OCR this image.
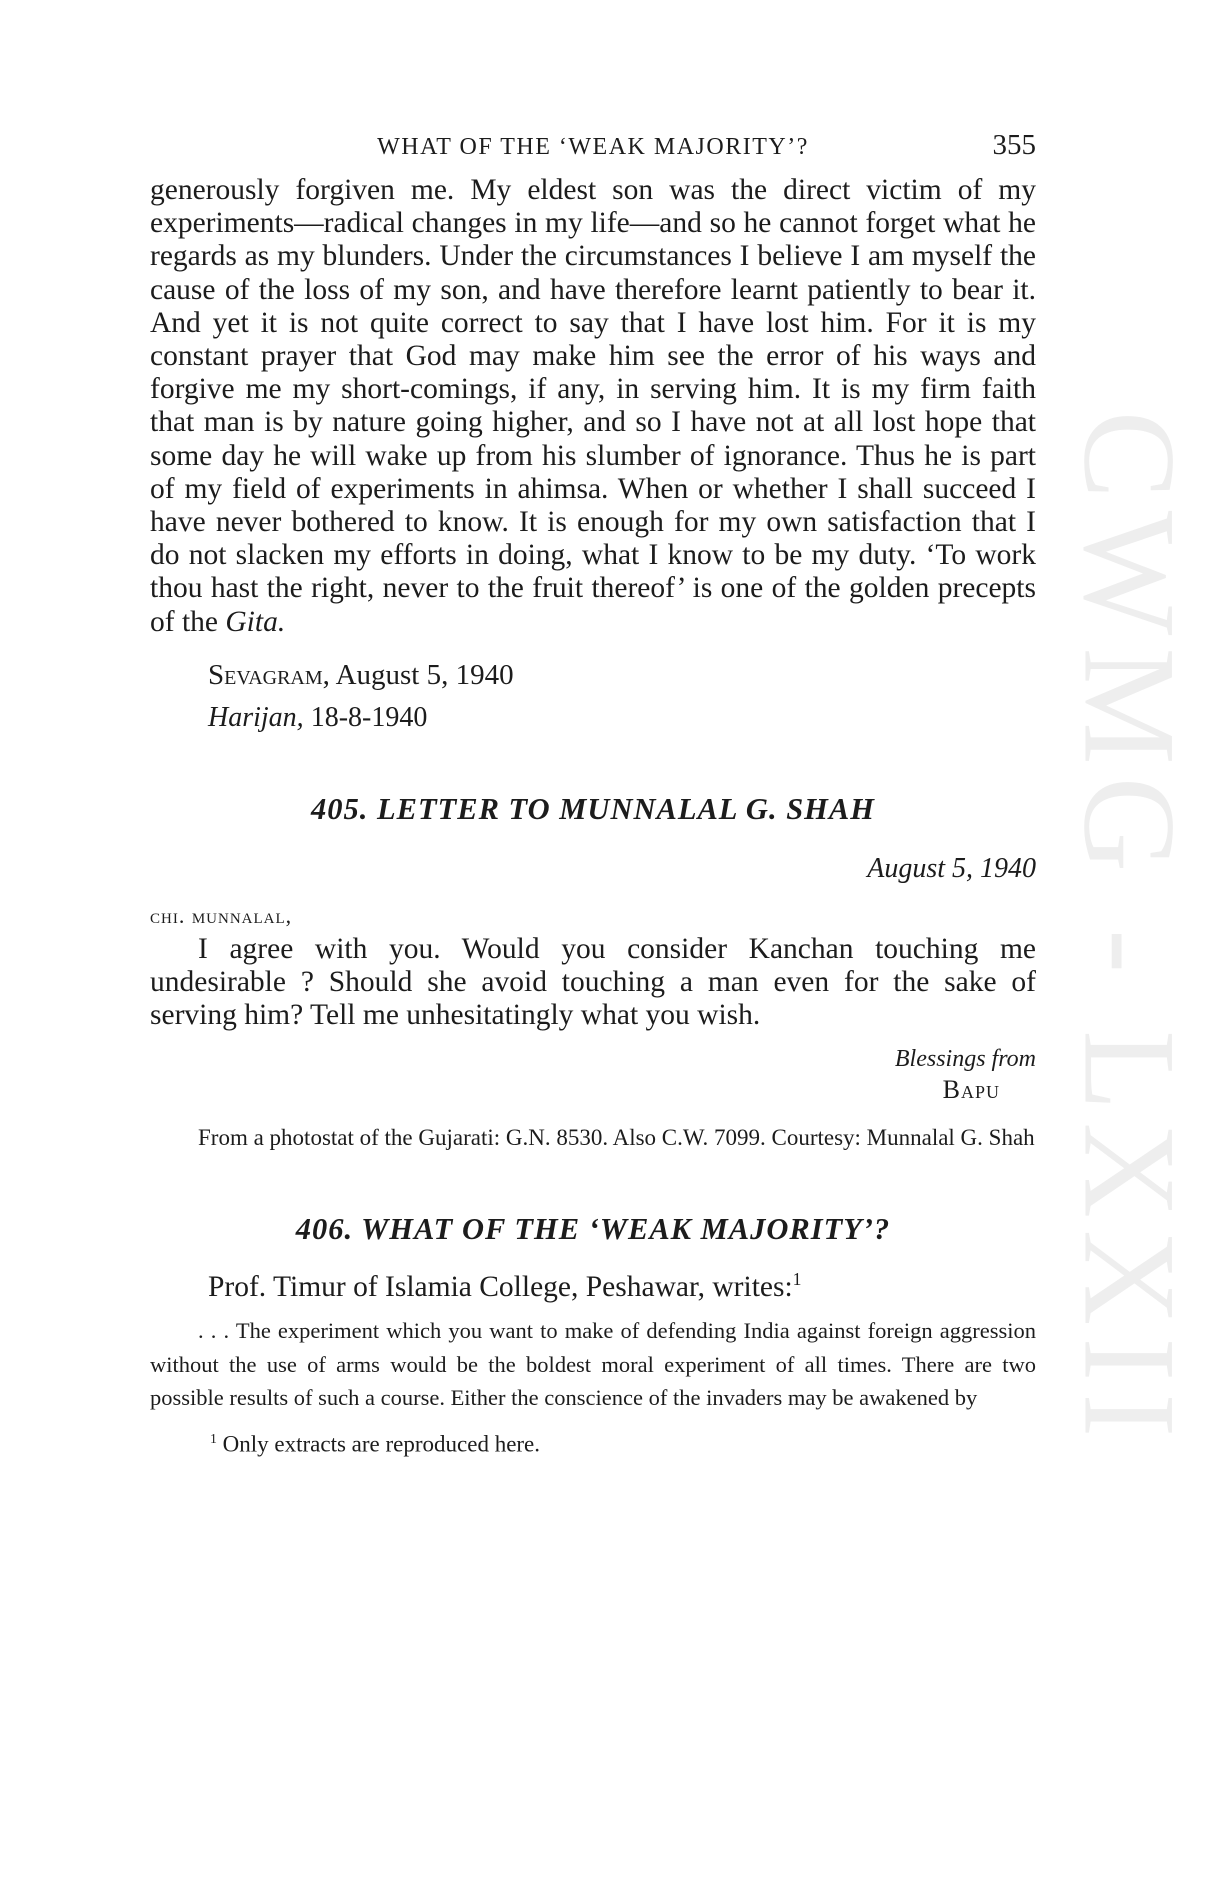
CWMG - LXXII
WHAT OF THE ‘WEAK MAJORITY’?	355

generously forgiven me. My eldest son was the direct victim of my experiments—radical changes in my life—and so he cannot forget what he regards as my blunders. Under the circumstances I believe I am myself the cause of the loss of my son, and have therefore learnt patiently to bear it. And yet it is not quite correct to say that I have lost him. For it is my constant prayer that God may make him see the error of his ways and forgive me my short-comings, if any, in serving him. It is my firm faith that man is by nature going higher, and so I have not at all lost hope that some day he will wake up from his slumber of ignorance. Thus he is part of my field of experiments in ahimsa. When or whether I shall succeed I have never bothered to know. It is enough for my own satisfaction that I do not slacken my efforts in doing, what I know to be my duty. ‘To work thou hast the right, never to the fruit thereof’ is one of the golden precepts of the Gita.

Sevagram, August 5, 1940
Harijan, 18-8-1940
405. LETTER TO MUNNALAL G. SHAH
August 5, 1940
chi. munnalal,

I agree with you. Would you consider Kanchan touching me undesirable ? Should she avoid touching a man even for the sake of serving him? Tell me unhesitatingly what you wish.

Blessings from
Bapu

From a photostat of the Gujarati: G.N. 8530. Also C.W. 7099. Courtesy: Munnalal G. Shah

406. WHAT OF THE ‘WEAK MAJORITY’?

Prof. Timur of Islamia College, Peshawar, writes:$^1$

. . . The experiment which you want to make of defending India against foreign aggression without the use of arms would be the boldest moral experiment of all times. There are two possible results of such a course. Either the conscience of the invaders may be awakened by

$^1$ Only extracts are reproduced here.
